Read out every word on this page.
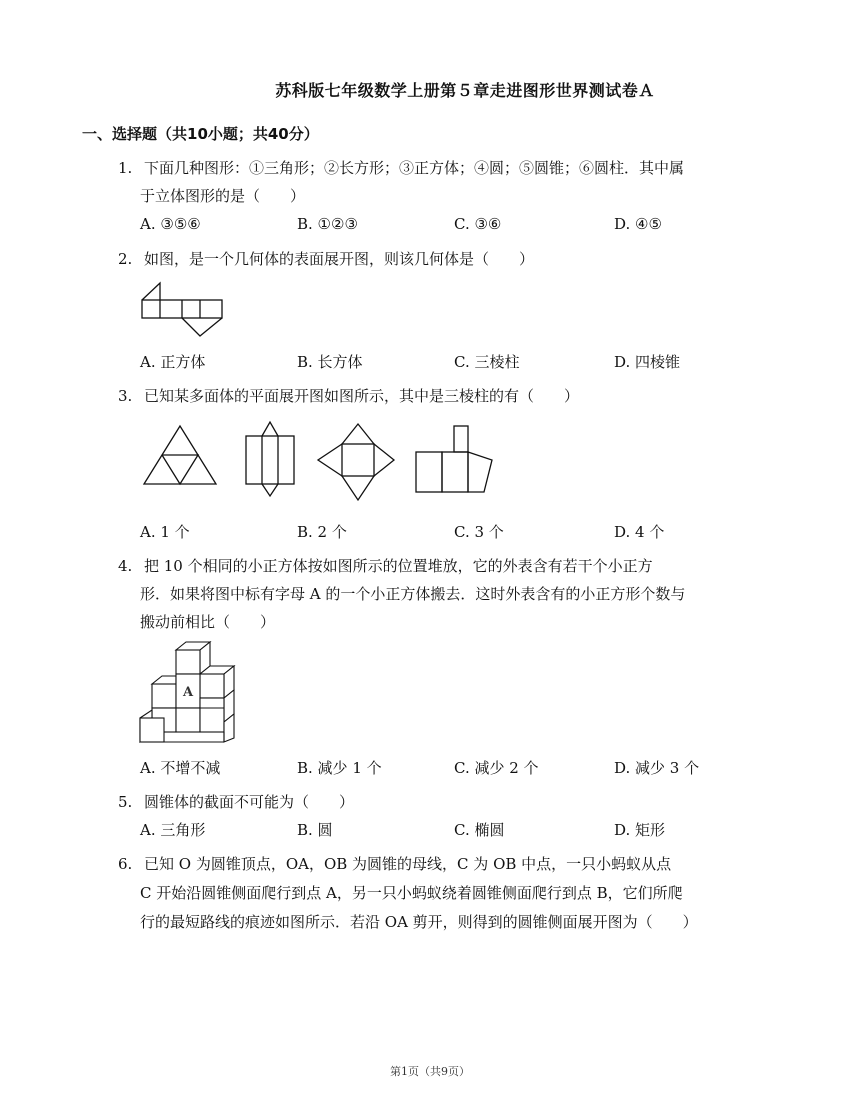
苏科版七年级数学上册第５章走进图形世界测试卷Ａ
一、选择题（共10小题；共40分）
1. 下面几种图形：①三角形；②长方形；③正方体；④圆；⑤圆锥；⑥圆柱．其中属
于立体图形的是（　　）
A. ③⑤⑥	B. ①②③	C. ③⑥	D. ④⑤
2. 如图，是一个几何体的表面展开图，则该几何体是（　　）
A. 正方体	B. 长方体	C. 三棱柱	D. 四棱锥
3. 已知某多面体的平面展开图如图所示，其中是三棱柱的有（　　）
A. 1 个	B. 2 个	C. 3 个	D. 4 个
4. 把 10 个相同的小正方体按如图所示的位置堆放，它的外表含有若干个小正方
形．如果将图中标有字母 A 的一个小正方体搬去．这时外表含有的小正方形个数与
搬动前相比（　　）
A
A. 不增不减	B. 减少 1 个	C. 减少 2 个	D. 减少 3 个
5. 圆锥体的截面不可能为（　　）
A. 三角形	B. 圆	C. 椭圆	D. 矩形
6. 已知 O 为圆锥顶点，OA，OB 为圆锥的母线，C 为 OB 中点，一只小蚂蚁从点
C 开始沿圆锥侧面爬行到点 A，另一只小蚂蚁绕着圆锥侧面爬行到点 B，它们所爬
行的最短路线的痕迹如图所示．若沿 OA 剪开，则得到的圆锥侧面展开图为（　　）
第1页（共9页）
